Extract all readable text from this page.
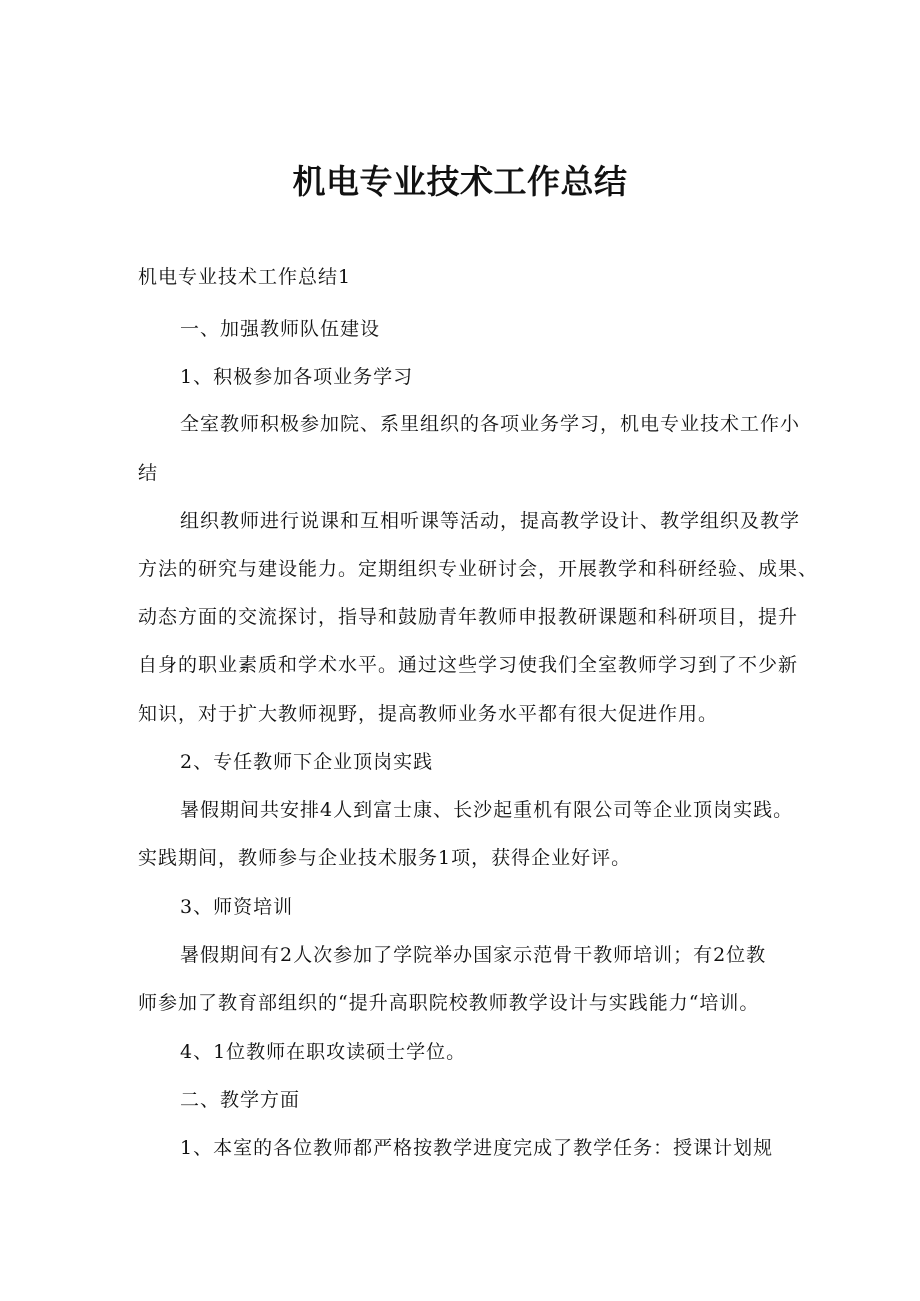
机电专业技术工作总结
机电专业技术工作总结1
一、加强教师队伍建设
1、积极参加各项业务学习
全室教师积极参加院、系里组织的各项业务学习，机电专业技术工作小
结
组织教师进行说课和互相听课等活动，提高教学设计、教学组织及教学
方法的研究与建设能力。定期组织专业研讨会，开展教学和科研经验、成果、
动态方面的交流探讨，指导和鼓励青年教师申报教研课题和科研项目，提升
自身的职业素质和学术水平。通过这些学习使我们全室教师学习到了不少新
知识，对于扩大教师视野，提高教师业务水平都有很大促进作用。
2、专任教师下企业顶岗实践
暑假期间共安排4人到富士康、长沙起重机有限公司等企业顶岗实践。
实践期间，教师参与企业技术服务1项，获得企业好评。
3、师资培训
暑假期间有2人次参加了学院举办国家示范骨干教师培训；有2位教
师参加了教育部组织的“提升高职院校教师教学设计与实践能力“培训。
4、1位教师在职攻读硕士学位。
二、教学方面
1、本室的各位教师都严格按教学进度完成了教学任务：授课计划规
